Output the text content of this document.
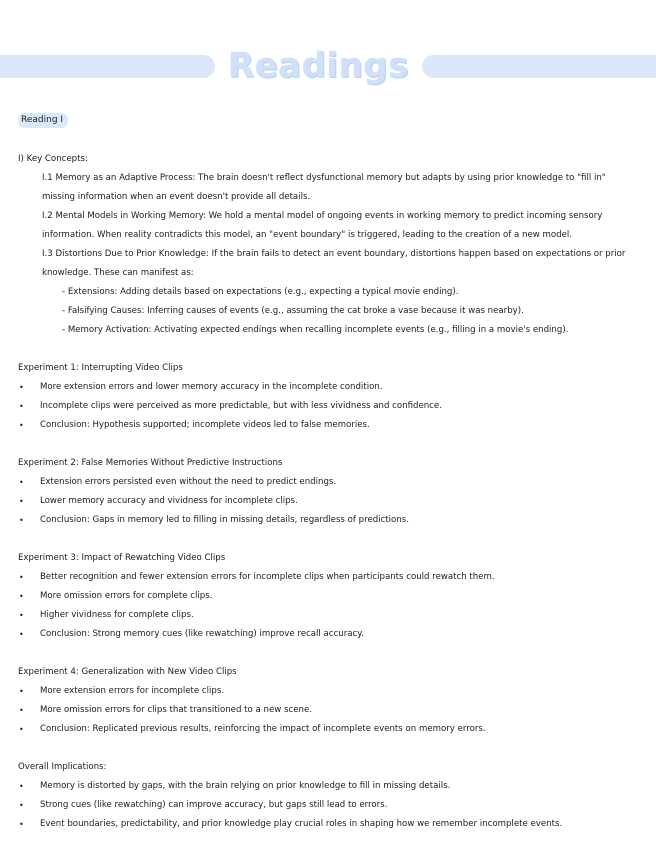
Readings
Reading I

I) Key Concepts:

I.1 Memory as an Adaptive Process: The brain doesn't reflect dysfunctional memory but adapts by using prior knowledge to "fill in" missing information when an event doesn't provide all details.

I.2 Mental Models in Working Memory: We hold a mental model of ongoing events in working memory to predict incoming sensory information. When reality contradicts this model, an "event boundary" is triggered, leading to the creation of a new model.

I.3 Distortions Due to Prior Knowledge: If the brain fails to detect an event boundary, distortions happen based on expectations or prior knowledge. These can manifest as:

- Extensions: Adding details based on expectations (e.g., expecting a typical movie ending).

- Falsifying Causes: Inferring causes of events (e.g., assuming the cat broke a vase because it was nearby).

- Memory Activation: Activating expected endings when recalling incomplete events (e.g., filling in a movie's ending).

Experiment 1: Interrupting Video Clips

• More extension errors and lower memory accuracy in the incomplete condition.
• Incomplete clips were perceived as more predictable, but with less vividness and confidence.
• Conclusion: Hypothesis supported; incomplete videos led to false memories.

Experiment 2: False Memories Without Predictive Instructions

• Extension errors persisted even without the need to predict endings.
• Lower memory accuracy and vividness for incomplete clips.
• Conclusion: Gaps in memory led to filling in missing details, regardless of predictions.

Experiment 3: Impact of Rewatching Video Clips

• Better recognition and fewer extension errors for incomplete clips when participants could rewatch them.
• More omission errors for complete clips.
• Higher vividness for complete clips.
• Conclusion: Strong memory cues (like rewatching) improve recall accuracy.

Experiment 4: Generalization with New Video Clips

• More extension errors for incomplete clips.
• More omission errors for clips that transitioned to a new scene.
• Conclusion: Replicated previous results, reinforcing the impact of incomplete events on memory errors.

Overall Implications:

• Memory is distorted by gaps, with the brain relying on prior knowledge to fill in missing details.
• Strong cues (like rewatching) can improve accuracy, but gaps still lead to errors.
• Event boundaries, predictability, and prior knowledge play crucial roles in shaping how we remember incomplete events.
